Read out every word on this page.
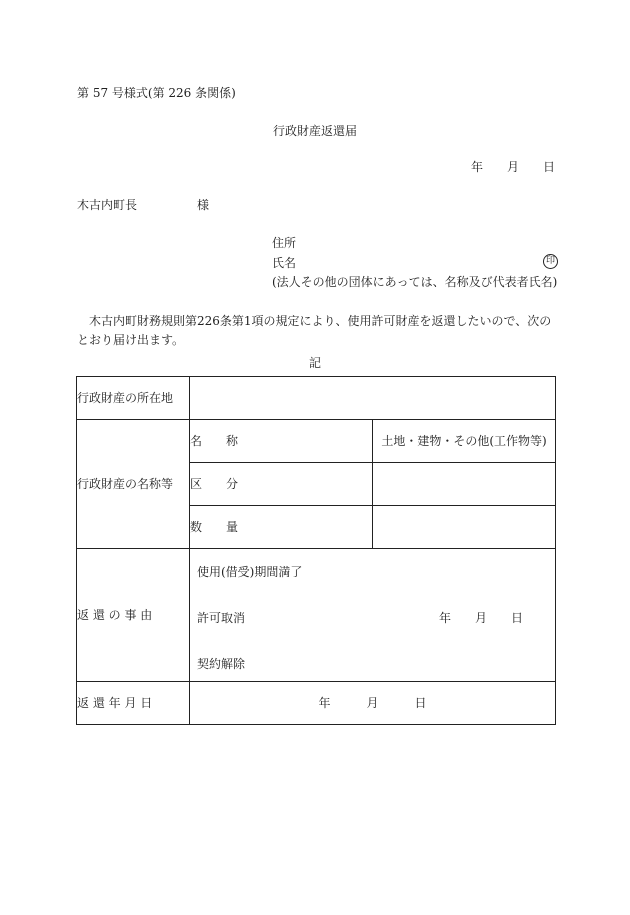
第 57 号様式(第 226 条関係)
行政財産返還届
年　　月　　日
木古内町長　　　　　様
住所
氏名	印
(法人その他の団体にあっては、名称及び代表者氏名)
木古内町財務規則第226条第1項の規定により、使用許可財産を返還したいので、次のとおり届け出ます。
記
行政財産の所在地		
行政財産の名称等	名　　称	土地・建物・その他(工作物等)
	区　　分	
	数　　量	
返 還 の 事 由	使用(借受)期間満了
許可取消 年　　月　　日
契約解除	

返 還 年 月 日	年　　　月　　　日	
